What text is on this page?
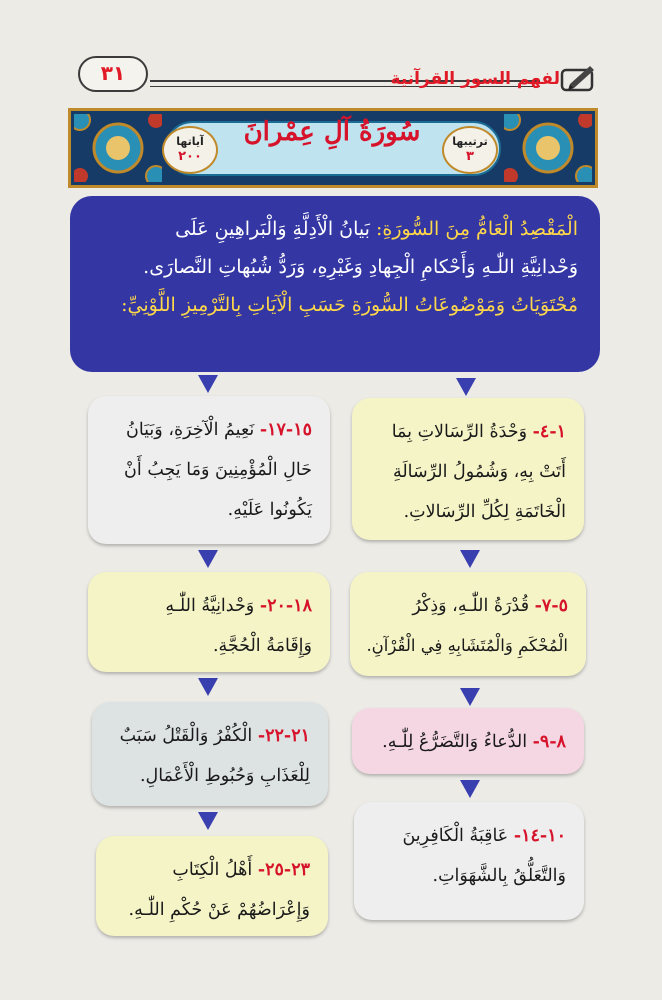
٣١	لفهم السور القرآنية
آياتها
٢٠٠
ترتيبها
٣
سُورَةُ آلِ عِمْرانَ

الْمَقْصِدُ الْعَامُّ مِنَ السُّورَةِ: بَيانُ الْأَدِلَّةِ وَالْبَراهِينِ عَلَى

وَحْدانِيَّةِ اللّٰـهِ وَأَحْكامِ الْجِهادِ وَغَيْرِهِ، وَرَدُّ شُبُهاتِ النَّصارَى.

مُحْتَوَيَاتُ وَمَوْضُوعَاتُ السُّورَةِ حَسَبِ الْآيَاتِ بِالتَّرْمِيزِ اللَّوْنِيِّ:

١-٤- وَحْدَةُ الرِّسَالاتِ بِمَا

أَتَتْ بِهِ، وَشُمُولُ الرِّسَالَةِ

الْخَاتَمَةِ لِكُلِّ الرِّسَالاتِ.

٥-٧- قُدْرَةُ اللّٰـهِ، وَذِكْرُ

الْمُحْكَمِ وَالْمُتَشَابِهِ فِي الْقُرْآنِ.

٨-٩- الدُّعاءُ وَالتَّضَرُّعُ لِلّٰـهِ.

١٠-١٤- عَاقِبَةُ الْكَافِرِينَ

وَالتَّعَلُّقُ بِالشَّهَوَاتِ.

١٥-١٧- نَعِيمُ الْآخِرَةِ، وَبَيَانُ

حَالِ الْمُؤْمِنِينَ وَمَا يَجِبُ أَنْ

يَكُونُوا عَلَيْهِ.

١٨-٢٠- وَحْدانِيَّةُ اللّٰـهِ

وَإِقَامَةُ الْحُجَّةِ.

٢١-٢٢- الْكُفْرُ وَالْقَتْلُ سَبَبٌ

لِلْعَذَابِ وَحُبُوطِ الْأَعْمَالِ.

٢٣-٢٥- أَهْلُ الْكِتَابِ

وَإِعْرَاضُهُمْ عَنْ حُكْمِ اللّٰـهِ.
